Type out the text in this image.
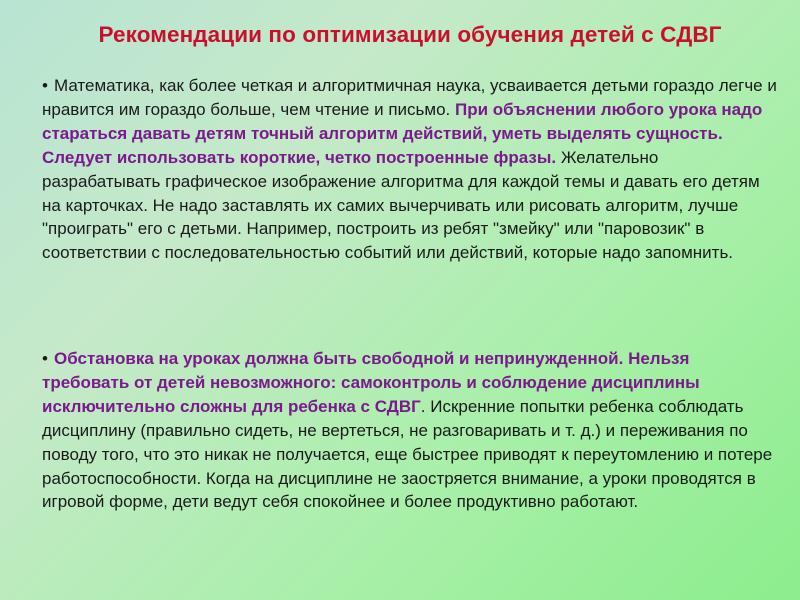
Рекомендации по оптимизации обучения детей с СДВГ
• Математика, как более четкая и алгоритмичная наука, усваивается детьми гораздо легче и нравится им гораздо больше, чем чтение и письмо. При объяснении любого урока надо стараться давать детям точный алгоритм действий, уметь выделять сущность. Следует использовать короткие, четко построенные фразы. Желательно разрабатывать графическое изображение алгоритма для каждой темы и давать его детям на карточках. Не надо заставлять их самих вычерчивать или рисовать алгоритм, лучше "проиграть" его с детьми. Например, построить из ребят "змейку" или "паровозик" в соответствии с последовательностью событий или действий, которые надо запомнить.
• Обстановка на уроках должна быть свободной и непринужденной. Нельзя требовать от детей невозможного: самоконтроль и соблюдение дисциплины исключительно сложны для ребенка с СДВГ. Искренние попытки ребенка соблюдать дисциплину (правильно сидеть, не вертеться, не разговаривать и т. д.) и переживания по поводу того, что это никак не получается, еще быстрее приводят к переутомлению и потере работоспособности. Когда на дисциплине не заостряется внимание, а уроки проводятся в игровой форме, дети ведут себя спокойнее и более продуктивно работают.
